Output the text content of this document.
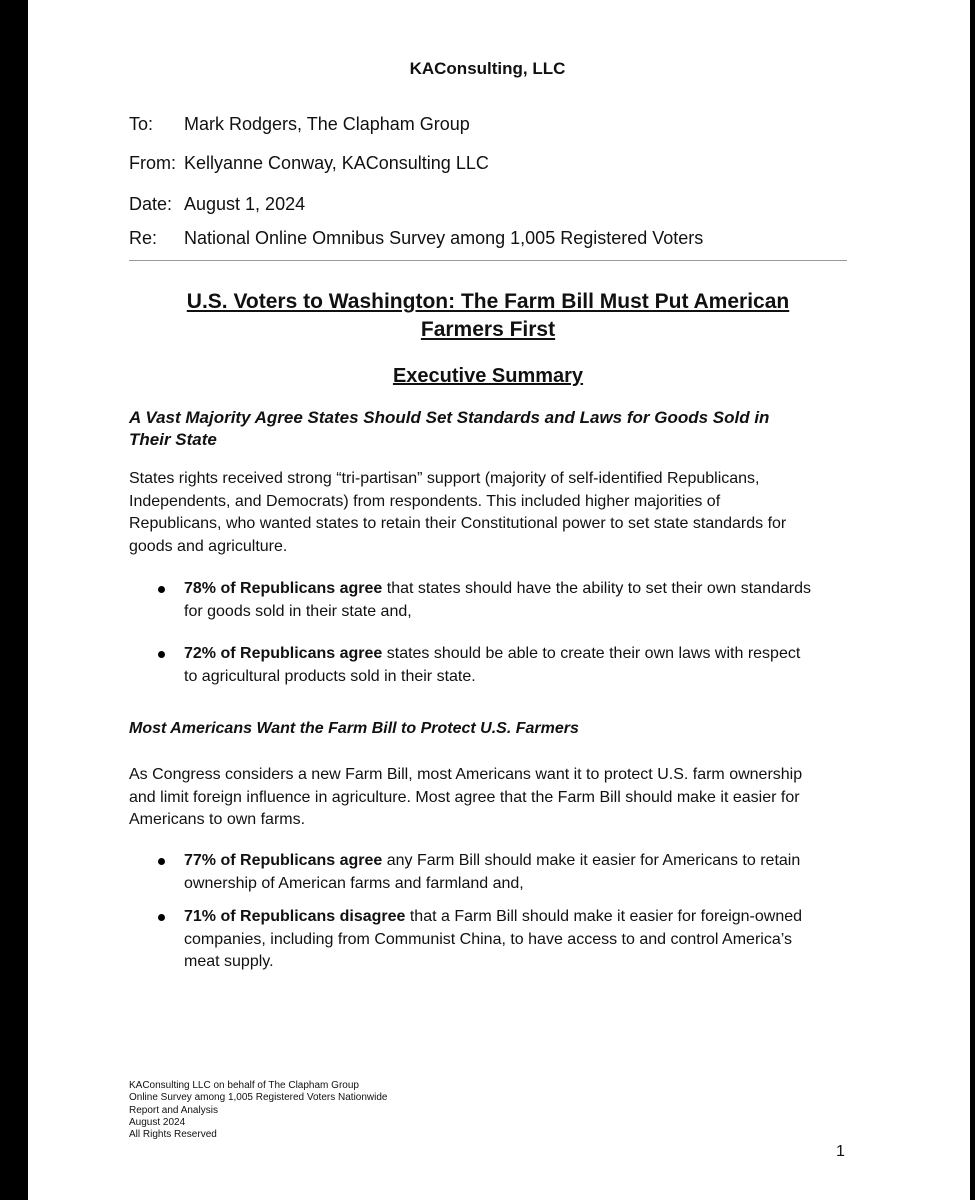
KAConsulting, LLC
To: Mark Rodgers, The Clapham Group
From: Kellyanne Conway, KAConsulting LLC
Date: August 1, 2024
Re: National Online Omnibus Survey among 1,005 Registered Voters
U.S. Voters to Washington: The Farm Bill Must Put American
Farmers First
Executive Summary
A Vast Majority Agree States Should Set Standards and Laws for Goods Sold in
Their State
States rights received strong “tri-partisan” support (majority of self-identified Republicans,
Independents, and Democrats) from respondents. This included higher majorities of
Republicans, who wanted states to retain their Constitutional power to set state standards for
goods and agriculture.
78% of Republicans agree that states should have the ability to set their own standards
for goods sold in their state and,
72% of Republicans agree states should be able to create their own laws with respect
to agricultural products sold in their state.
Most Americans Want the Farm Bill to Protect U.S. Farmers
As Congress considers a new Farm Bill, most Americans want it to protect U.S. farm ownership
and limit foreign influence in agriculture. Most agree that the Farm Bill should make it easier for
Americans to own farms.
77% of Republicans agree any Farm Bill should make it easier for Americans to retain
ownership of American farms and farmland and,
71% of Republicans disagree that a Farm Bill should make it easier for foreign-owned
companies, including from Communist China, to have access to and control America’s
meat supply.
KAConsulting LLC on behalf of The Clapham Group
Online Survey among 1,005 Registered Voters Nationwide
Report and Analysis
August 2024
All Rights Reserved
1
